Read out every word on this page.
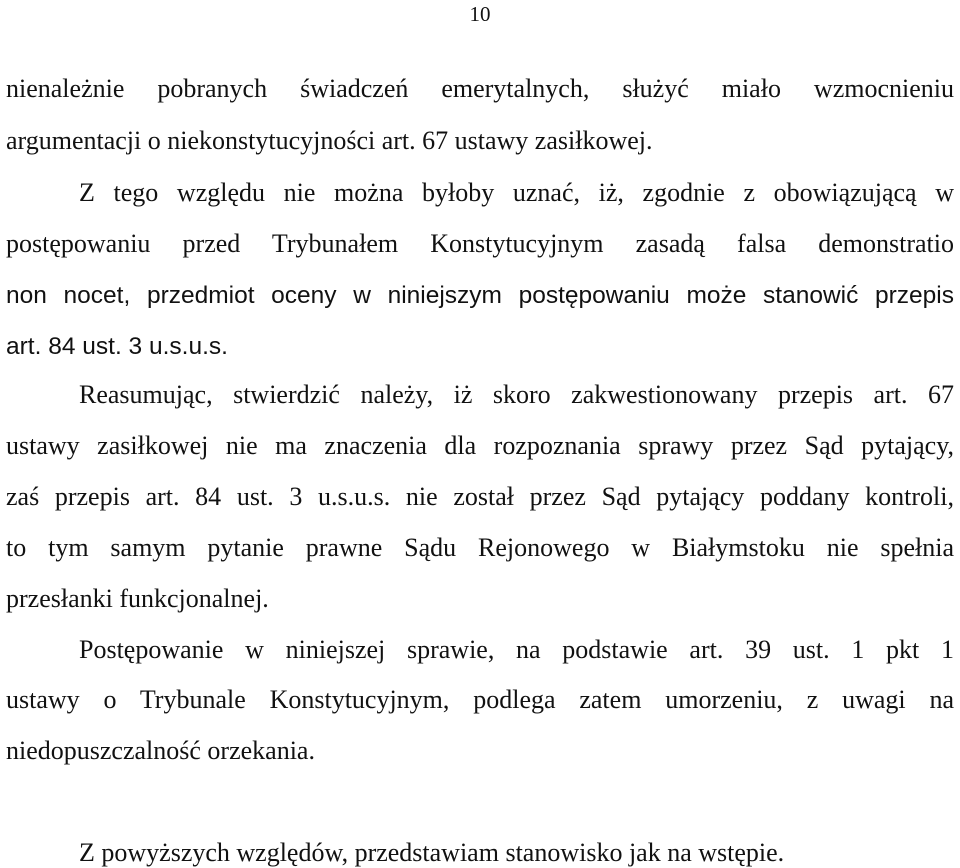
10
nienależnie pobranych świadczeń emerytalnych, służyć miało wzmocnieniu
argumentacji o niekonstytucyjności art. 67 ustawy zasiłkowej.
Z tego względu nie można byłoby uznać, iż, zgodnie z obowiązującą w
postępowaniu przed Trybunałem Konstytucyjnym zasadą falsa demonstratio
non nocet, przedmiot oceny w niniejszym postępowaniu może stanowić przepis
art. 84 ust. 3 u.s.u.s.
Reasumując, stwierdzić należy, iż skoro zakwestionowany przepis art. 67
ustawy zasiłkowej nie ma znaczenia dla rozpoznania sprawy przez Sąd pytający,
zaś przepis art. 84 ust. 3 u.s.u.s. nie został przez Sąd pytający poddany kontroli,
to tym samym pytanie prawne Sądu Rejonowego w Białymstoku nie spełnia
przesłanki funkcjonalnej.
Postępowanie w niniejszej sprawie, na podstawie art. 39 ust. 1 pkt 1
ustawy o Trybunale Konstytucyjnym, podlega zatem umorzeniu, z uwagi na
niedopuszczalność orzekania.
Z powyższych względów, przedstawiam stanowisko jak na wstępie.
